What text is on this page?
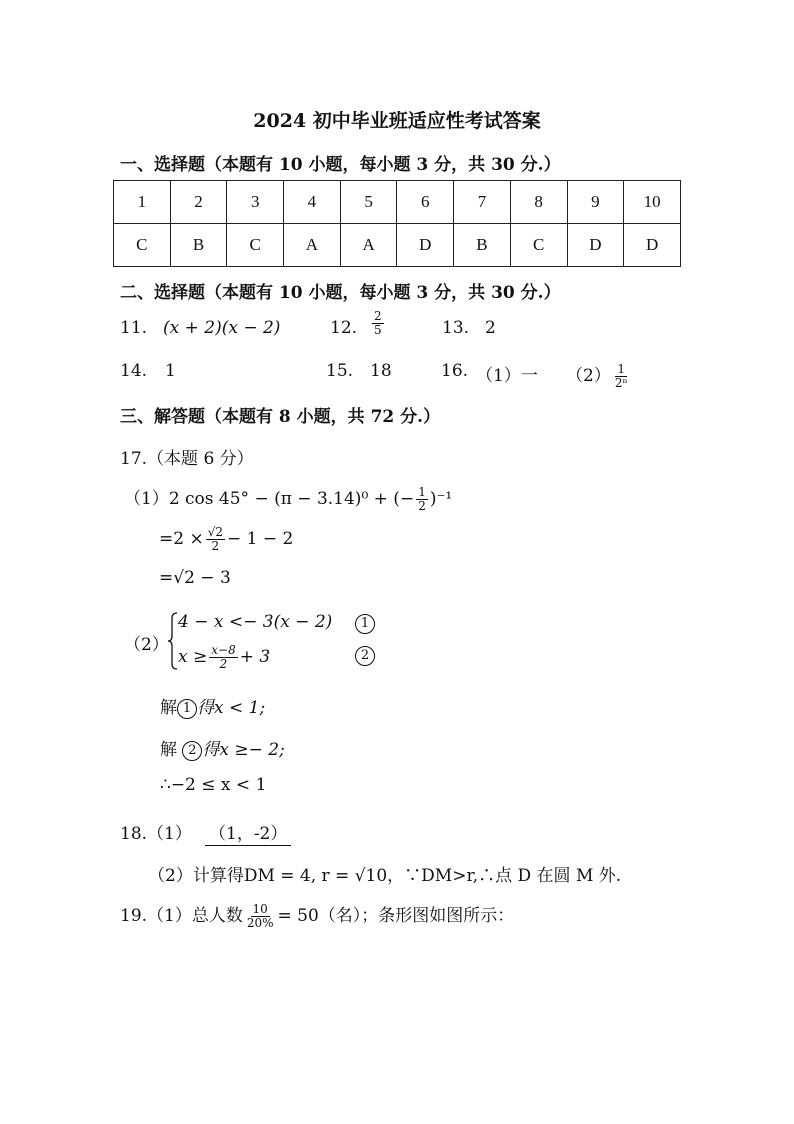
2024 初中毕业班适应性考试答案
一、选择题（本题有 10 小题，每小题 3 分，共 30 分.）
1	2	3	4	5	6	7	8	9	10
C	B	C	A	A	D	B	C	D	D
二、选择题（本题有 10 小题，每小题 3 分，共 30 分.）
11. (x + 2)(x − 2)	12. $\frac{2}{5}$	13. 2
14. 1	15. 18	16. （1）一 $(2) \frac{1}{\text{2ⁿ}}$
三、解答题（本题有 8 小题，共 72 分.）
17.（本题 6 分）
（1）2 cos 45° − (π − 3.14)⁰ + (− $\frac{1}{2} )^{-1}$
$=2 \times \frac{√2}{2} - 1 - 2$
=√2 − 3
（2）
4 − x <− 3(x − 2)	1
$x \ge \frac{x-8}{2} + 3$	2
解 1 得x < 1;
解 2 得x ≥− 2;
∴−2 ≤ x < 1
18.（1） （1，-2）
（2）计算得DM = 4, r = √10，∵DM>r,∴点 D 在圆 M 外.
19.（1）总人数 $\frac{10}{20\%} = 50$（名）；条形图如图所示：
